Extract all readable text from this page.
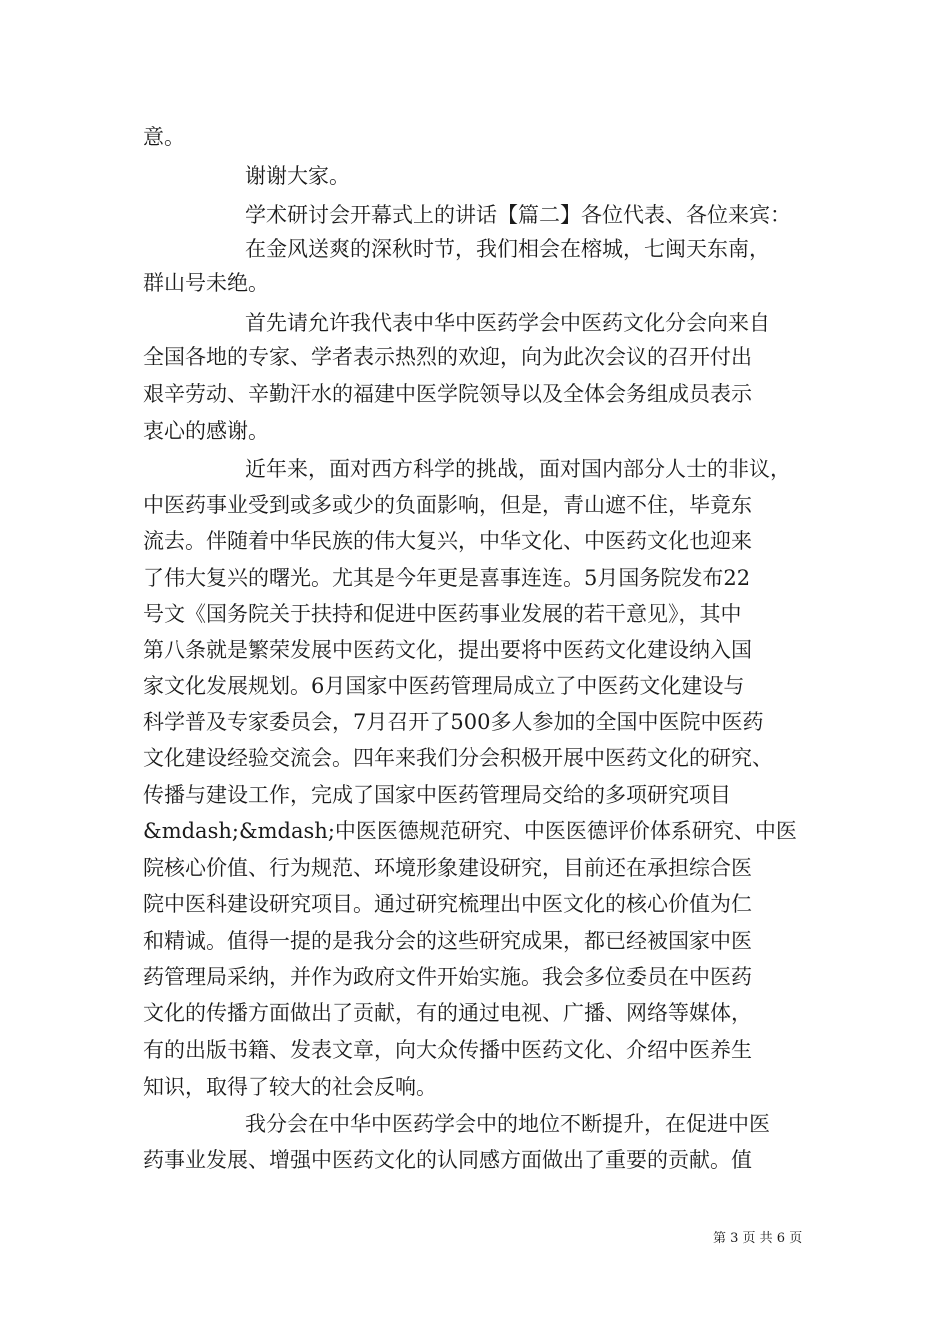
意。
谢谢大家。
学术研讨会开幕式上的讲话【篇二】各位代表、各位来宾：
在金风送爽的深秋时节，我们相会在榕城，七闽天东南，
群山号未绝。
首先请允许我代表中华中医药学会中医药文化分会向来自
全国各地的专家、学者表示热烈的欢迎，向为此次会议的召开付出
艰辛劳动、辛勤汗水的福建中医学院领导以及全体会务组成员表示
衷心的感谢。
近年来，面对西方科学的挑战，面对国内部分人士的非议，
中医药事业受到或多或少的负面影响，但是，青山遮不住，毕竟东
流去。伴随着中华民族的伟大复兴，中华文化、中医药文化也迎来
了伟大复兴的曙光。尤其是今年更是喜事连连。5月国务院发布22
号文《国务院关于扶持和促进中医药事业发展的若干意见》，其中
第八条就是繁荣发展中医药文化，提出要将中医药文化建设纳入国
家文化发展规划。6月国家中医药管理局成立了中医药文化建设与
科学普及专家委员会，7月召开了500多人参加的全国中医院中医药
文化建设经验交流会。四年来我们分会积极开展中医药文化的研究、
传播与建设工作，完成了国家中医药管理局交给的多项研究项目
&mdash;&mdash;中医医德规范研究、中医医德评价体系研究、中医
院核心价值、行为规范、环境形象建设研究，目前还在承担综合医
院中医科建设研究项目。通过研究梳理出中医文化的核心价值为仁
和精诚。值得一提的是我分会的这些研究成果，都已经被国家中医
药管理局采纳，并作为政府文件开始实施。我会多位委员在中医药
文化的传播方面做出了贡献，有的通过电视、广播、网络等媒体，
有的出版书籍、发表文章，向大众传播中医药文化、介绍中医养生
知识，取得了较大的社会反响。
我分会在中华中医药学会中的地位不断提升，在促进中医
药事业发展、增强中医药文化的认同感方面做出了重要的贡献。值
第 3 页 共 6 页
